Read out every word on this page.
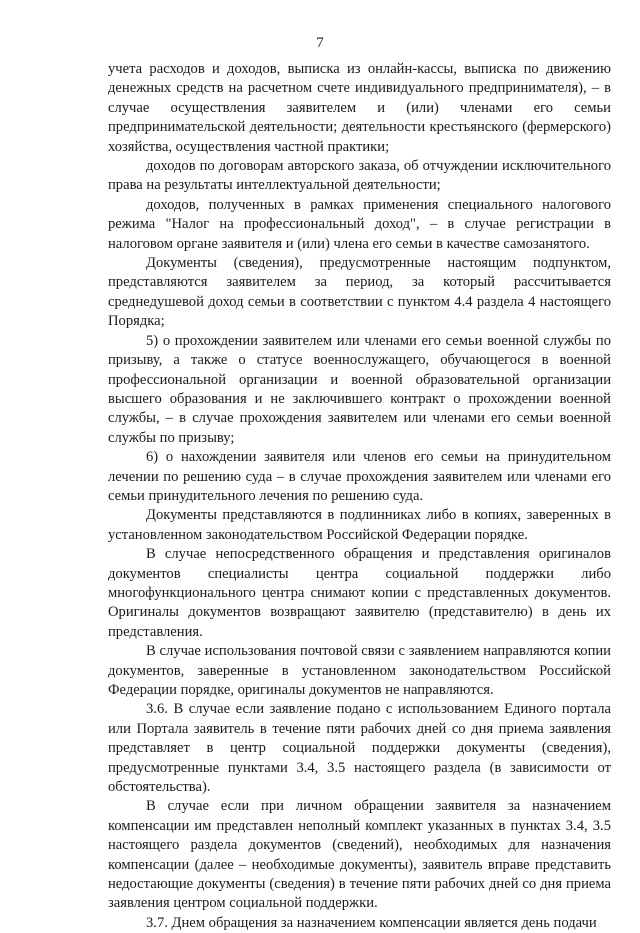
7

учета расходов и доходов, выписка из онлайн-кассы, выписка по движению денежных средств на расчетном счете индивидуального предпринимателя), – в случае осуществления заявителем и (или) членами его семьи предпринимательской деятельности; деятельности крестьянского (фермерского) хозяйства, осуществления частной практики;

доходов по договорам авторского заказа, об отчуждении исключительного права на результаты интеллектуальной деятельности;

доходов, полученных в рамках применения специального налогового режима "Налог на профессиональный доход", – в случае регистрации в налоговом органе заявителя и (или) члена его семьи в качестве самозанятого.

Документы (сведения), предусмотренные настоящим подпунктом, представляются заявителем за период, за который рассчитывается среднедушевой доход семьи в соответствии с пунктом 4.4 раздела 4 настоящего Порядка;

5) о прохождении заявителем или членами его семьи военной службы по призыву, а также о статусе военнослужащего, обучающегося в военной профессиональной организации и военной образовательной организации высшего образования и не заключившего контракт о прохождении военной службы, – в случае прохождения заявителем или членами его семьи военной службы по призыву;

6) о нахождении заявителя или членов его семьи на принудительном лечении по решению суда – в случае прохождения заявителем или членами его семьи принудительного лечения по решению суда.

Документы представляются в подлинниках либо в копиях, заверенных в установленном законодательством Российской Федерации порядке.

В случае непосредственного обращения и представления оригиналов документов специалисты центра социальной поддержки либо многофункционального центра снимают копии с представленных документов. Оригиналы документов возвращают заявителю (представителю) в день их представления.

В случае использования почтовой связи с заявлением направляются копии документов, заверенные в установленном законодательством Российской Федерации порядке, оригиналы документов не направляются.

3.6. В случае если заявление подано с использованием Единого портала или Портала заявитель в течение пяти рабочих дней со дня приема заявления представляет в центр социальной поддержки документы (сведения), предусмотренные пунктами 3.4, 3.5 настоящего раздела (в зависимости от обстоятельства).

В случае если при личном обращении заявителя за назначением компенсации им представлен неполный комплект указанных в пунктах 3.4, 3.5 настоящего раздела документов (сведений), необходимых для назначения компенсации (далее – необходимые документы), заявитель вправе представить недостающие документы (сведения) в течение пяти рабочих дней со дня приема заявления центром социальной поддержки.

3.7. Днем обращения за назначением компенсации является день подачи
